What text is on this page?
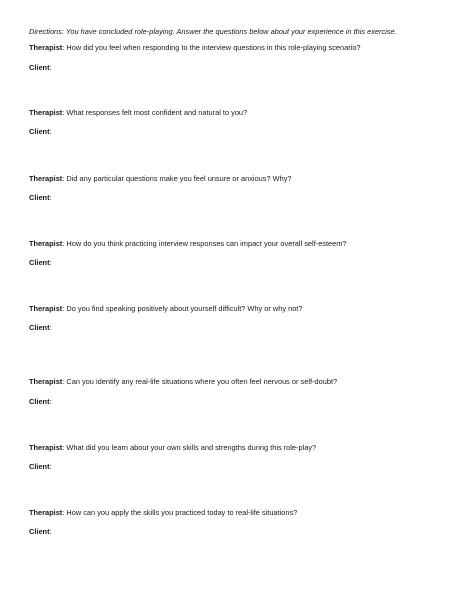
Directions: You have concluded role-playing. Answer the questions below about your experience in this exercise.
Therapist: How did you feel when responding to the interview questions in this role-playing scenario?
Client:
Therapist: What responses felt most confident and natural to you?
Client:
Therapist: Did any particular questions make you feel unsure or anxious? Why?
Client:
Therapist: How do you think practicing interview responses can impact your overall self-esteem?
Client:
Therapist: Do you find speaking positively about yourself difficult? Why or why not?
Client:
Therapist: Can you identify any real-life situations where you often feel nervous or self-doubt?
Client:
Therapist: What did you learn about your own skills and strengths during this role-play?
Client:
Therapist: How can you apply the skills you practiced today to real-life situations?
Client:
